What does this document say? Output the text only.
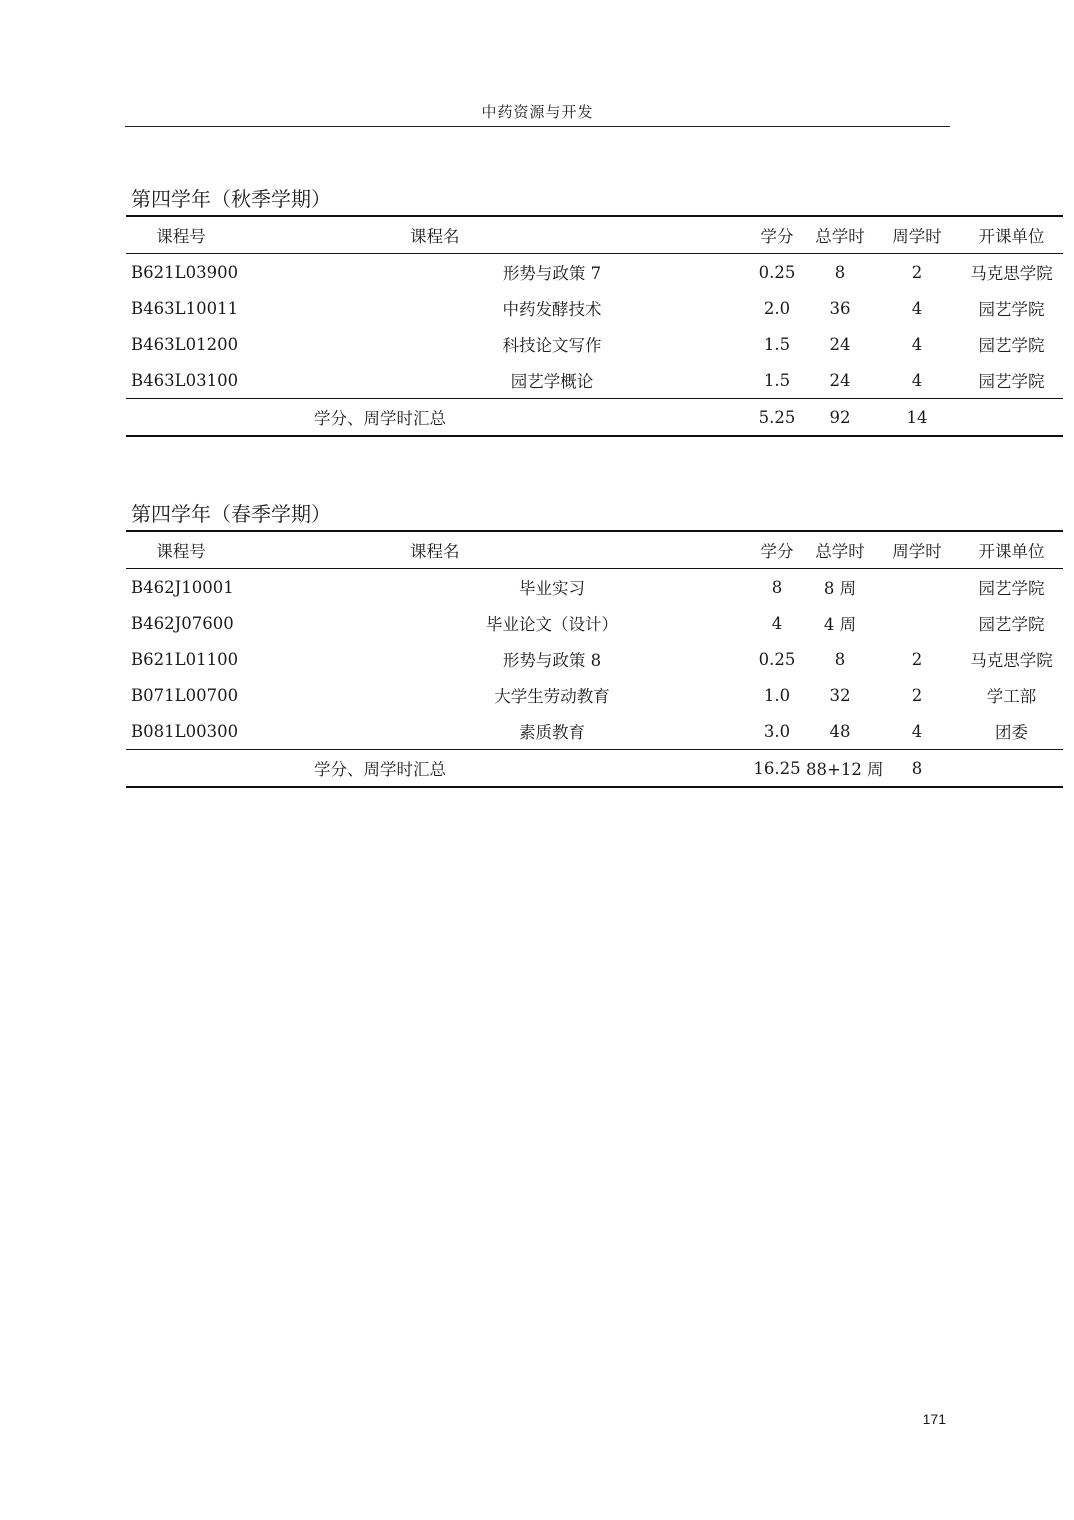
中药资源与开发
第四学年（秋季学期）
课程号	课程名	学分	总学时	周学时	开课单位
B621L03900	形势与政策 7	0.25	8	2	马克思学院
B463L10011	中药发酵技术	2.0	36	4	园艺学院
B463L01200	科技论文写作	1.5	24	4	园艺学院
B463L03100	园艺学概论	1.5	24	4	园艺学院
学分、周学时汇总		5.25	92	14	
第四学年（春季学期）
课程号	课程名	学分	总学时	周学时	开课单位
B462J10001	毕业实习	8	8 周		园艺学院
B462J07600	毕业论文（设计）	4	4 周		园艺学院
B621L01100	形势与政策 8	0.25	8	2	马克思学院
B071L00700	大学生劳动教育	1.0	32	2	学工部
B081L00300	素质教育	3.0	48	4	团委
学分、周学时汇总		16.25	88+12 周	8	
171
